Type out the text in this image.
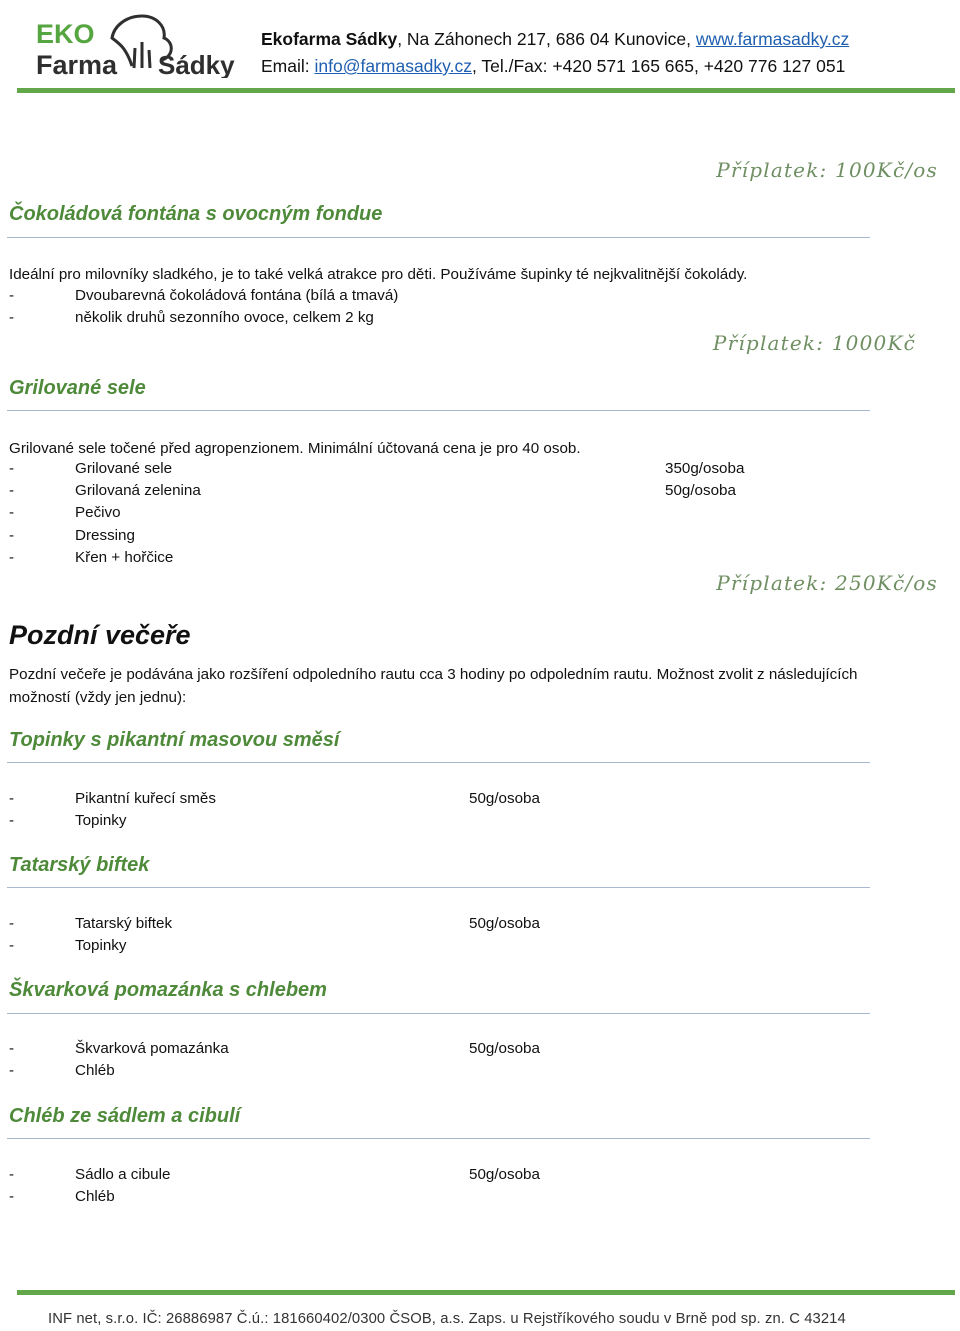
EKO
Farma Sádky
Ekofarma Sádky, Na Záhonech 217, 686 04 Kunovice, www.farmasadky.cz
Email: info@farmasadky.cz, Tel./Fax: +420 571 165 665, +420 776 127 051
Příplatek: 100Kč/os
Čokoládová fontána s ovocným fondue
Ideální pro milovníky sladkého, je to také velká atrakce pro děti. Používáme šupinky té nejkvalitnější čokolády.
-	Dvoubarevná čokoládová fontána (bílá a tmavá)
-	několik druhů sezonního ovoce, celkem 2 kg
Příplatek: 1000Kč
Grilované sele
Grilované sele točené před agropenzionem. Minimální účtovaná cena je pro 40 osob.
-	Grilované sele	350g/osoba
-	Grilovaná zelenina	50g/osoba
-	Pečivo
-	Dressing
-	Křen + hořčice
Příplatek: 250Kč/os
Pozdní večeře
Pozdní večeře je podávána jako rozšíření odpoledního rautu cca 3 hodiny po odpoledním rautu. Možnost zvolit z následujících
možností (vždy jen jednu):
Topinky s pikantní masovou směsí
-	Pikantní kuřecí směs	50g/osoba
-	Topinky
Tatarský biftek
-	Tatarský biftek	50g/osoba
-	Topinky
Škvarková pomazánka s chlebem
-	Škvarková pomazánka	50g/osoba
-	Chléb
Chléb ze sádlem a cibulí
-	Sádlo a cibule	50g/osoba
-	Chléb
INF net, s.r.o. IČ: 26886987 Č.ú.: 181660402/0300 ČSOB, a.s. Zaps. u Rejstříkového soudu v Brně pod sp. zn. C 43214
